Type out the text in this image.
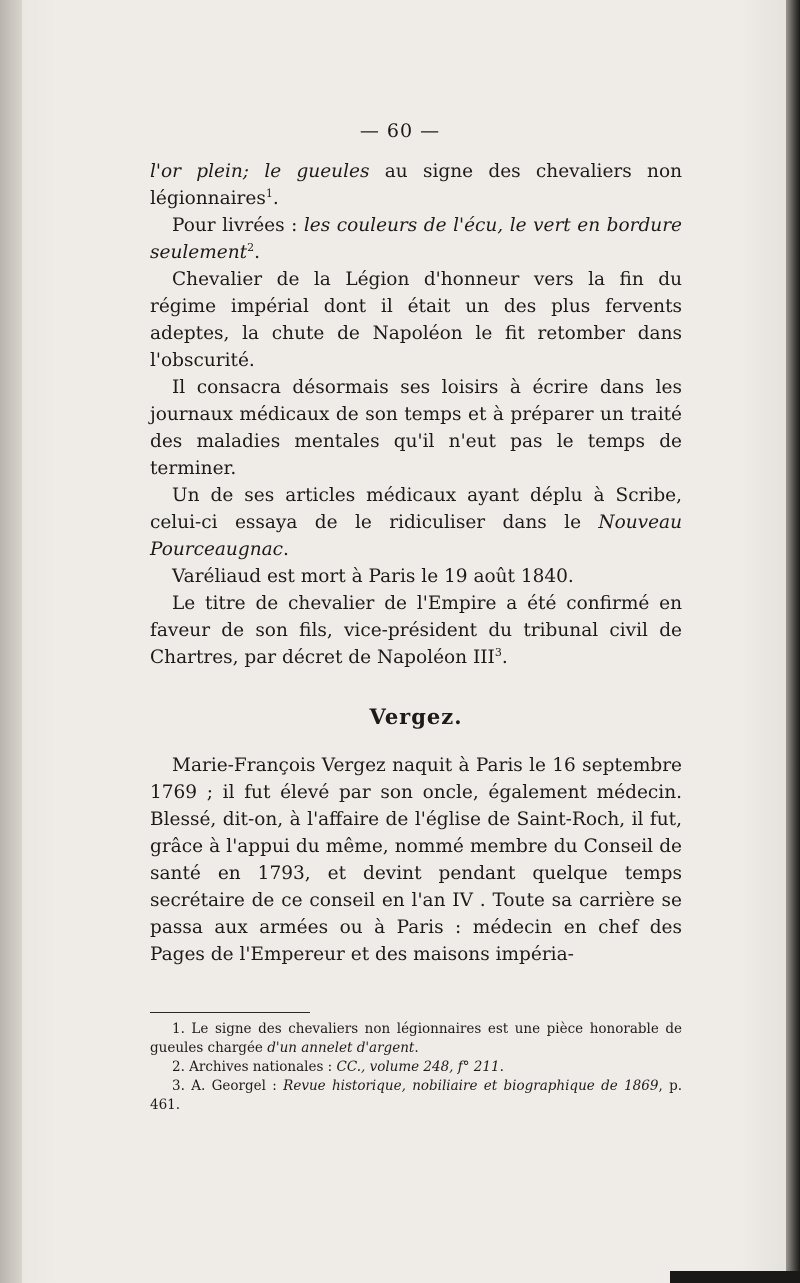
— 60 —

l'or plein; le gueules au signe des chevaliers non légionnaires$^1$.

Pour livrées : les couleurs de l'écu, le vert en bordure seulement$^2$.

Chevalier de la Légion d'honneur vers la fin du régime impérial dont il était un des plus fervents adeptes, la chute de Napoléon le fit retomber dans l'obscurité.

Il consacra désormais ses loisirs à écrire dans les journaux médicaux de son temps et à préparer un traité des maladies mentales qu'il n'eut pas le temps de terminer.

Un de ses articles médicaux ayant déplu à Scribe, celui-ci essaya de le ridiculiser dans le Nouveau Pourceaugnac.

Varéliaud est mort à Paris le 19 août 1840.

Le titre de chevalier de l'Empire a été confirmé en faveur de son fils, vice-président du tribunal civil de Chartres, par décret de Napoléon III$^3$.

Vergez.

Marie-François Vergez naquit à Paris le 16 septembre 1769 ; il fut élevé par son oncle, également médecin. Blessé, dit-on, à l'affaire de l'église de Saint-Roch, il fut, grâce à l'appui du même, nommé membre du Conseil de santé en 1793, et devint pendant quelque temps secrétaire de ce conseil en l'an IV . Toute sa carrière se passa aux armées ou à Paris : médecin en chef des Pages de l'Empereur et des maisons impéria-

1. Le signe des chevaliers non légionnaires est une pièce honorable de gueules chargée d'un annelet d'argent.

2. Archives nationales : CC., volume 248, f° 211.

3. A. Georgel : Revue historique, nobiliaire et biographique de 1869, p. 461.
